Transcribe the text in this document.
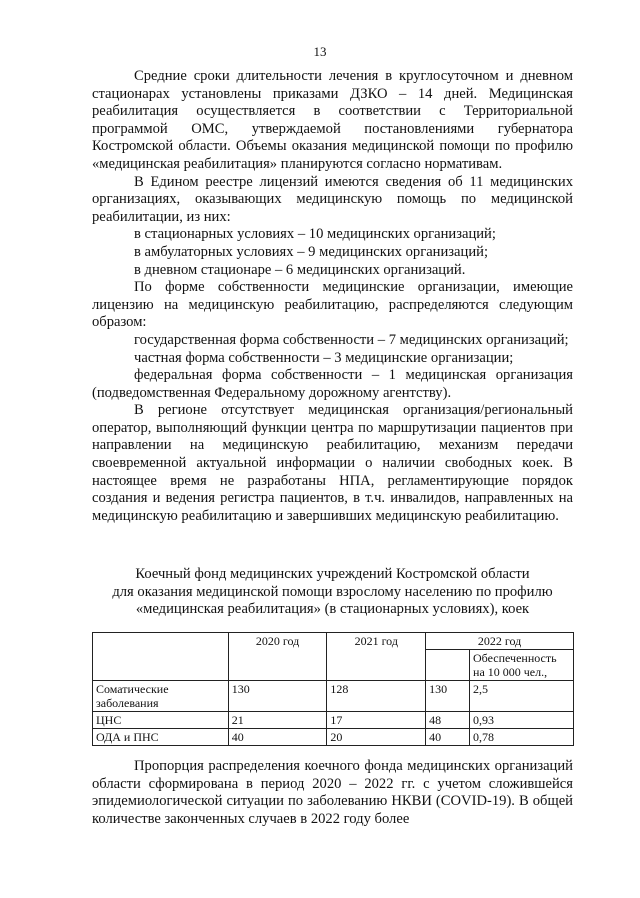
13

Средние сроки длительности лечения в круглосуточном и дневном стационарах установлены приказами ДЗКО – 14 дней. Медицинская реабилитация осуществляется в соответствии с Территориальной программой ОМС, утверждаемой постановлениями губернатора Костромской области. Объемы оказания медицинской помощи по профилю «медицинская реабилитация» планируются согласно нормативам.

В Едином реестре лицензий имеются сведения об 11 медицинских организациях, оказывающих медицинскую помощь по медицинской реабилитации, из них:

в стационарных условиях – 10 медицинских организаций;

в амбулаторных условиях – 9 медицинских организаций;

в дневном стационаре – 6 медицинских организаций.

По форме собственности медицинские организации, имеющие лицензию на медицинскую реабилитацию, распределяются следующим образом:

государственная форма собственности – 7 медицинских организаций;

частная форма собственности – 3 медицинские организации;

федеральная форма собственности – 1 медицинская организация (подведомственная Федеральному дорожному агентству).

В регионе отсутствует медицинская организация/региональный оператор, выполняющий функции центра по маршрутизации пациентов при направлении на медицинскую реабилитацию, механизм передачи своевременной актуальной информации о наличии свободных коек. В настоящее время не разработаны НПА, регламентирующие порядок создания и ведения регистра пациентов, в т.ч. инвалидов, направленных на медицинскую реабилитацию и завершивших медицинскую реабилитацию.

Коечный фонд медицинских учреждений Костромской области
для оказания медицинской помощи взрослому населению по профилю
«медицинская реабилитация» (в стационарных условиях), коек
	2020 год	2021 год	2022 год	
				Обеспеченность на 10 000 чел.,
Соматические заболевания	130	128	130	2,5
ЦНС	21	17	48	0,93
ОДА и ПНС	40	20	40	0,78

Пропорция распределения коечного фонда медицинских организаций области сформирована в период 2020 – 2022 гг. с учетом сложившейся эпидемиологической ситуации по заболеванию НКВИ (COVID-19). В общей количестве законченных случаев в 2022 году более
